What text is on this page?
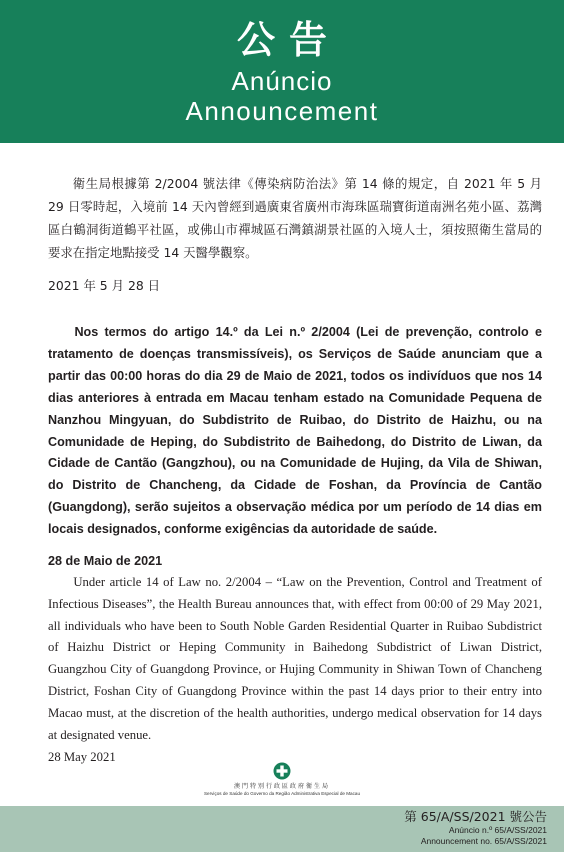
公告
Anúncio
Announcement
衛生局根據第 2/2004 號法律《傳染病防治法》第 14 條的規定，自 2021 年 5 月 29 日零時起，入境前 14 天內曾經到過廣東省廣州市海珠區瑞寶街道南洲名苑小區、荔灣區白鶴洞街道鶴平社區，或佛山市禪城區石灣鎮湖景社區的入境人士，須按照衛生當局的要求在指定地點接受 14 天醫學觀察。
2021 年 5 月 28 日
Nos termos do artigo 14.º da Lei n.º 2/2004 (Lei de prevenção, controlo e tratamento de doenças transmissíveis), os Serviços de Saúde anunciam que a partir das 00:00 horas do dia 29 de Maio de 2021, todos os indivíduos que nos 14 dias anteriores à entrada em Macau tenham estado na Comunidade Pequena de Nanzhou Mingyuan, do Subdistrito de Ruibao, do Distrito de Haizhu, ou na Comunidade de Heping, do Subdistrito de Baihedong, do Distrito de Liwan, da Cidade de Cantão (Gangzhou), ou na Comunidade de Hujing, da Vila de Shiwan, do Distrito de Chancheng, da Cidade de Foshan, da Província de Cantão (Guangdong), serão sujeitos a observação médica por um período de 14 dias em locais designados, conforme exigências da autoridade de saúde.
28 de Maio de 2021
Under article 14 of Law no. 2/2004 – “Law on the Prevention, Control and Treatment of Infectious Diseases”, the Health Bureau announces that, with effect from 00:00 of 29 May 2021, all individuals who have been to South Noble Garden Residential Quarter in Ruibao Subdistrict of Haizhu District or Heping Community in Baihedong Subdistrict of Liwan District, Guangzhou City of Guangdong Province, or Hujing Community in Shiwan Town of Chancheng District, Foshan City of Guangdong Province within the past 14 days prior to their entry into Macao must, at the discretion of the health authorities, undergo medical observation for 14 days at designated venue.
28 May 2021
澳門特別行政區政府衛生局
Serviços de Saúde do Governo da Região Administrativa Especial de Macau
第 65/A/SS/2021 號公告
Anúncio n.º 65/A/SS/2021
Announcement no. 65/A/SS/2021
